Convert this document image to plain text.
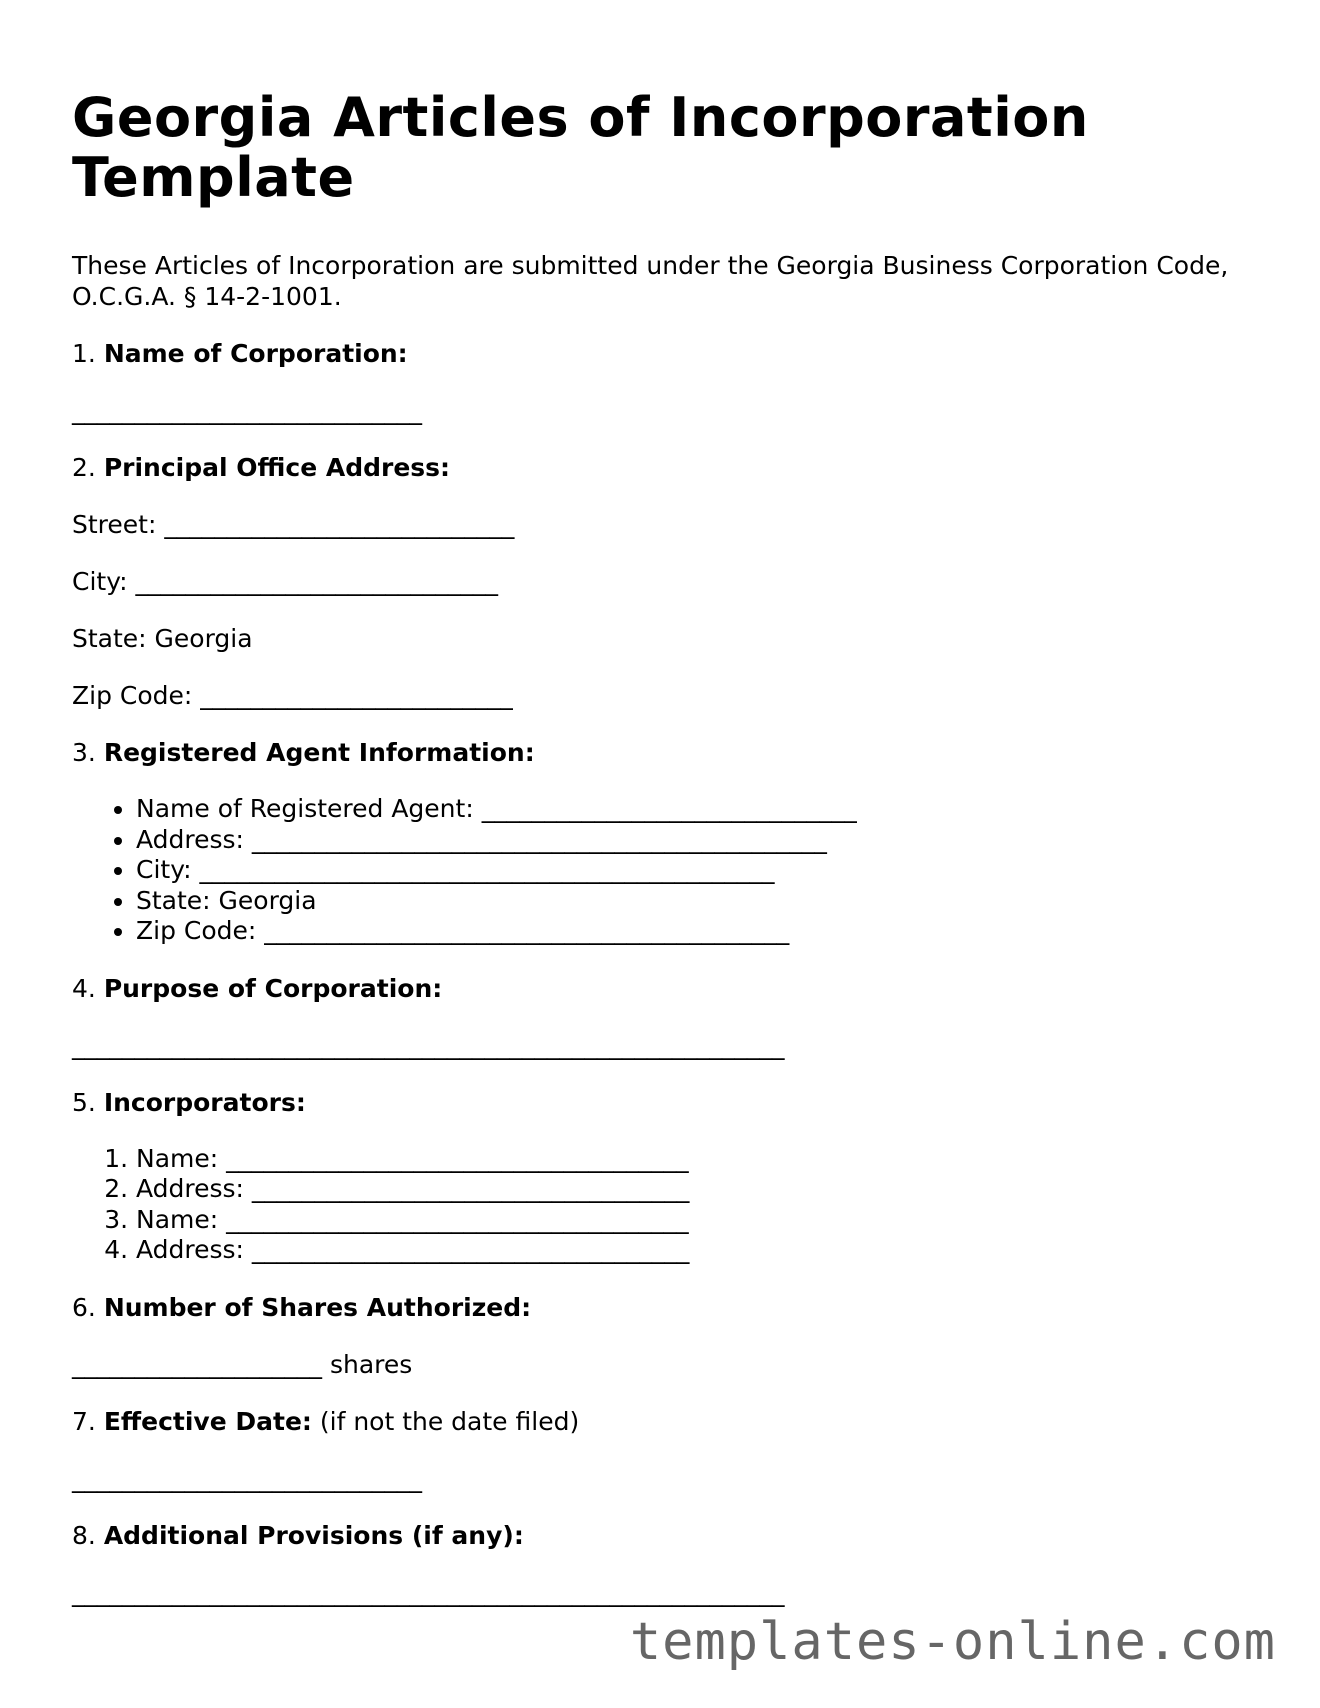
Georgia Articles of Incorporation Template
These Articles of Incorporation are submitted under the Georgia Business Corporation Code, O.C.G.A. § 14-2-1001.
1. Name of Corporation:
____________________________
2. Principal Office Address:
Street: ____________________________
City: _____________________________
State: Georgia
Zip Code: _________________________
3. Registered Agent Information:
• Name of Registered Agent: ______________________________
• Address: ______________________________________________
• City: ______________________________________________
• State: Georgia
• Zip Code: __________________________________________
4. Purpose of Corporation:
_________________________________________________________
5. Incorporators:
1. Name: _____________________________________
2. Address: ___________________________________
3. Name: _____________________________________
4. Address: ___________________________________
6. Number of Shares Authorized:
____________________ shares
7. Effective Date: (if not the date filed)
____________________________
8. Additional Provisions (if any):
_________________________________________________________
templates-online.com
